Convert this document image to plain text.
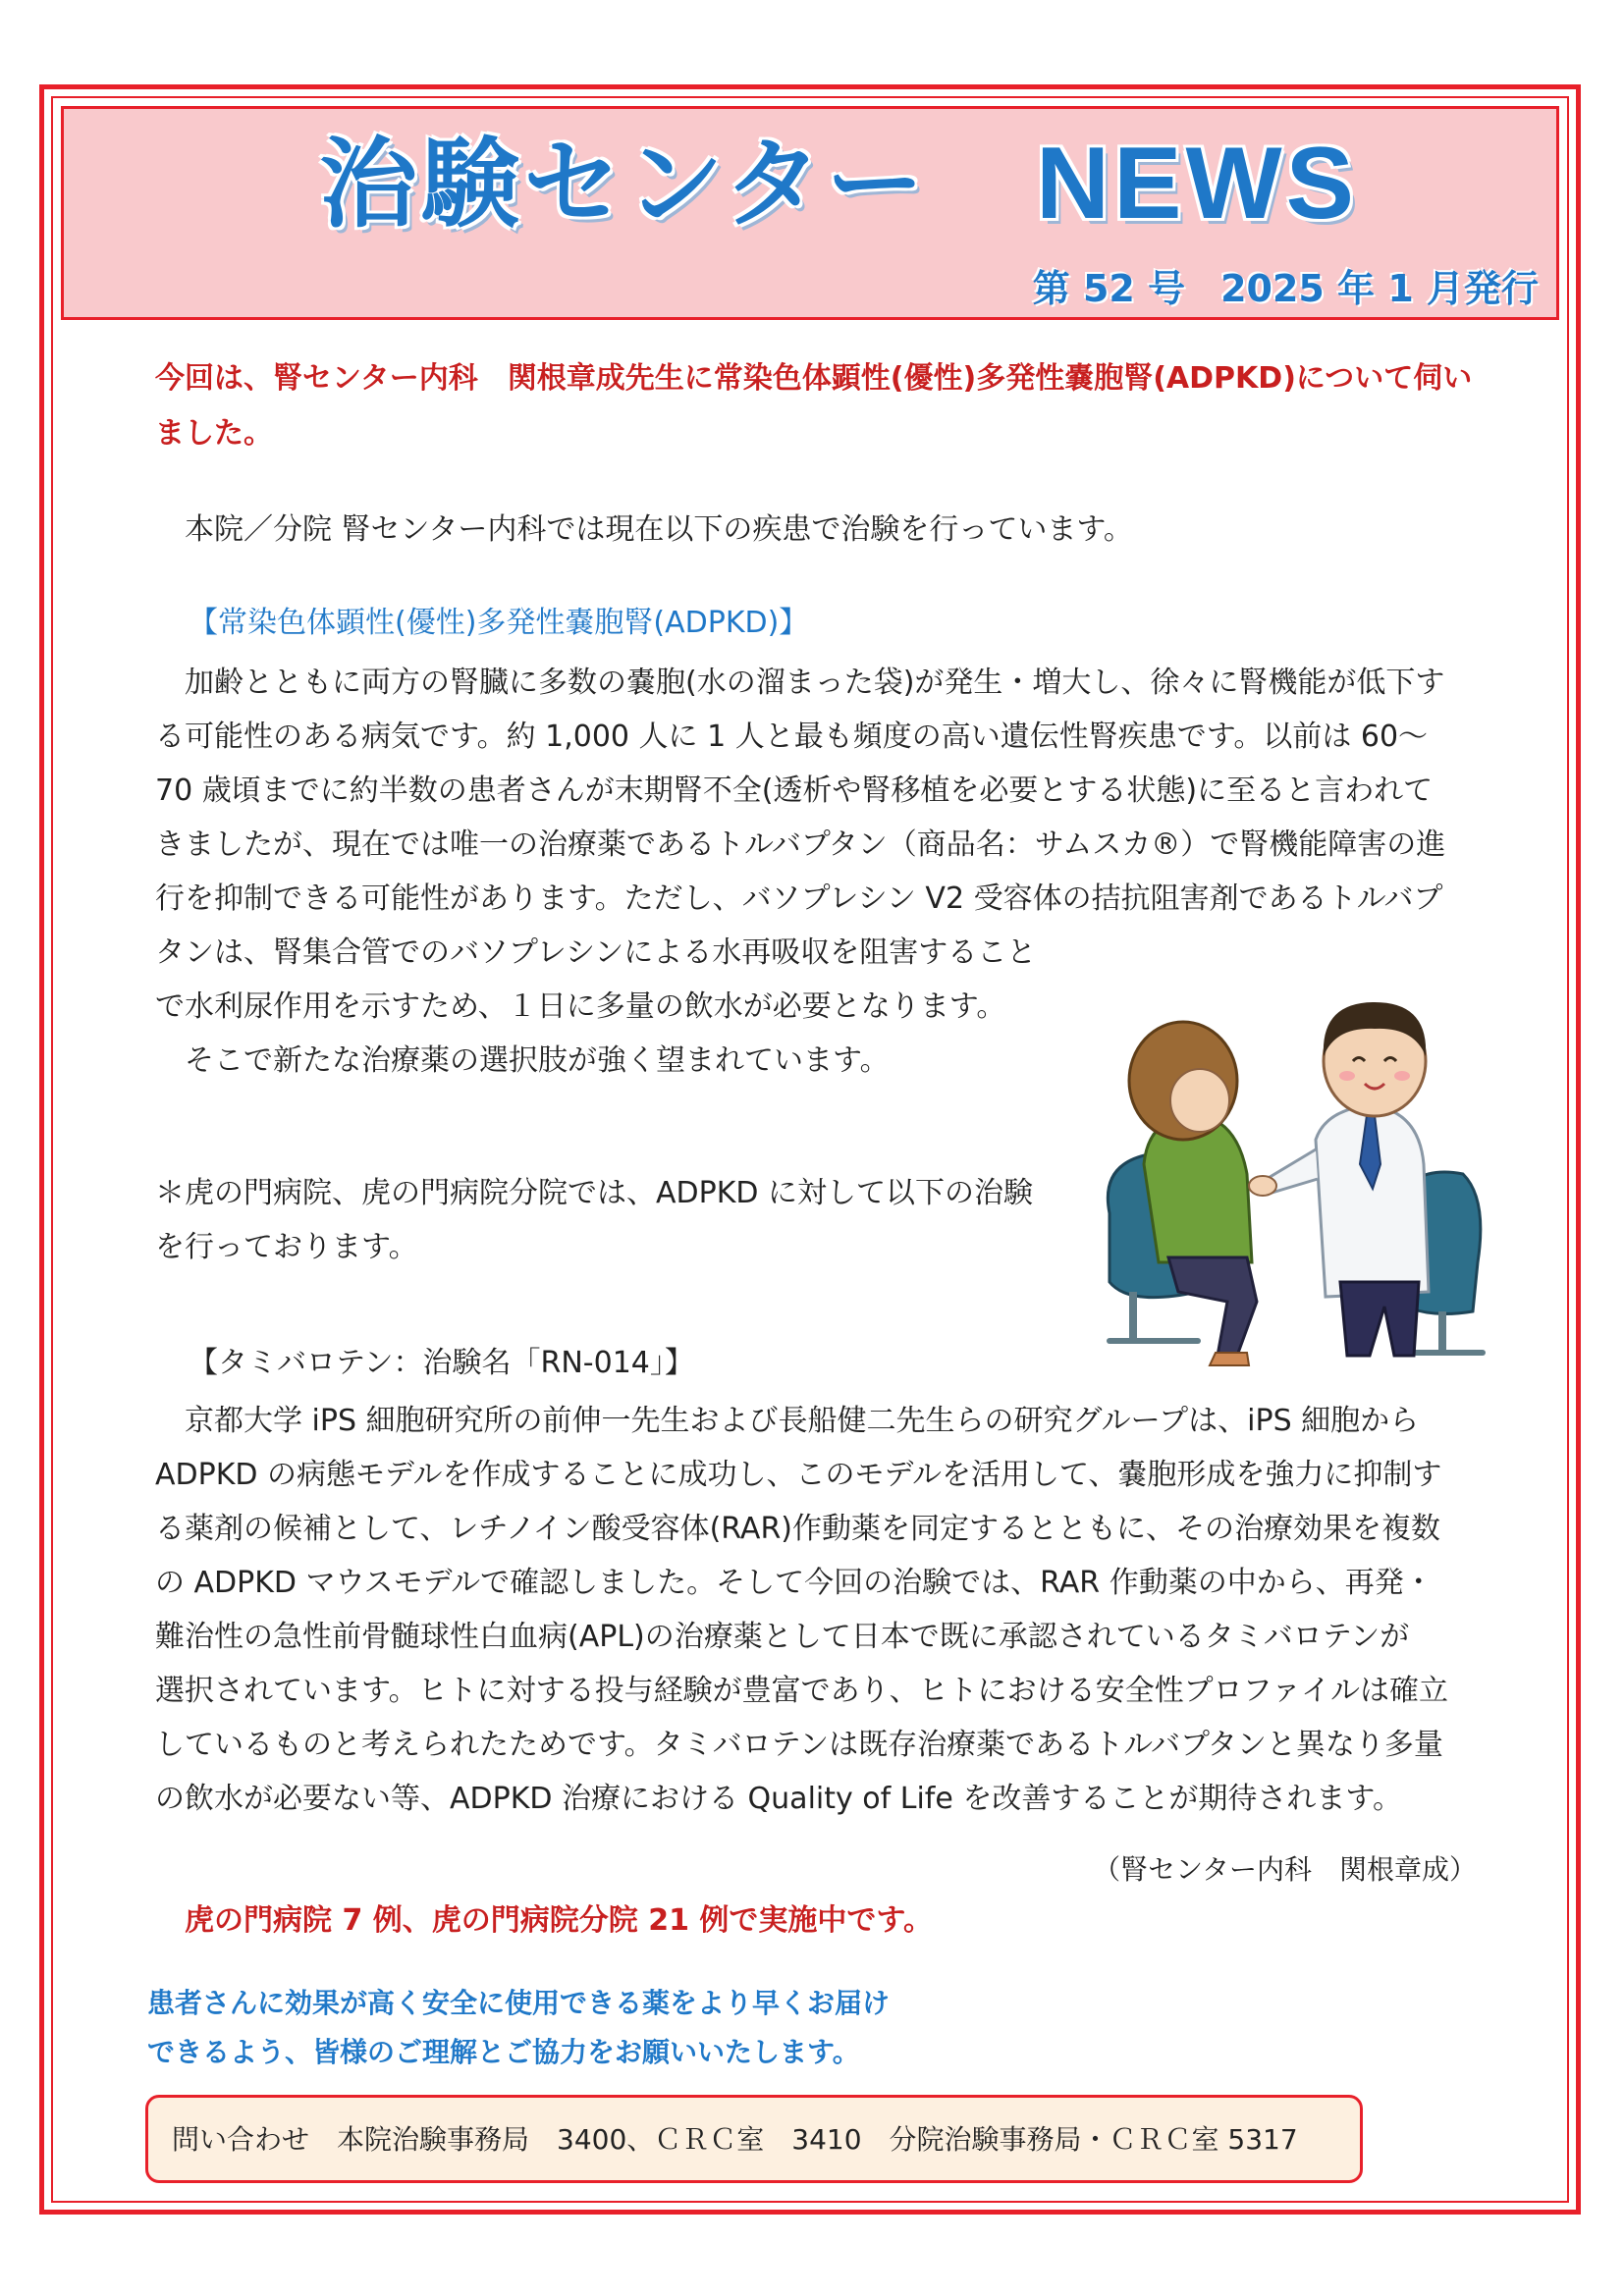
治験センター NEWS

第 52 号 2025 年 1 月発行

今回は、腎センター内科　関根章成先生に常染色体顕性(優性)多発性嚢胞腎(ADPKD)について伺い
ました。

本院／分院 腎センター内科では現在以下の疾患で治験を行っています。

【常染色体顕性(優性)多発性嚢胞腎(ADPKD)】

加齢とともに両方の腎臓に多数の嚢胞(水の溜まった袋)が発生・増大し、徐々に腎機能が低下す
る可能性のある病気です。約 1,000 人に 1 人と最も頻度の高い遺伝性腎疾患です。以前は 60～
70 歳頃までに約半数の患者さんが末期腎不全(透析や腎移植を必要とする状態)に至ると言われて
きましたが、現在では唯一の治療薬であるトルバプタン（商品名：サムスカ®）で腎機能障害の進
行を抑制できる可能性があります。ただし、バソプレシン V2 受容体の拮抗阻害剤であるトルバプ
タンは、腎集合管でのバソプレシンによる水再吸収を阻害すること
で水利尿作用を示すため、１日に多量の飲水が必要となります。
　そこで新たな治療薬の選択肢が強く望まれています。

＊虎の門病院、虎の門病院分院では、ADPKD に対して以下の治験
を行っております。

【タミバロテン：治験名「RN-014」】

京都大学 iPS 細胞研究所の前伸一先生および長船健二先生らの研究グループは、iPS 細胞から
ADPKD の病態モデルを作成することに成功し、このモデルを活用して、嚢胞形成を強力に抑制す
る薬剤の候補として、レチノイン酸受容体(RAR)作動薬を同定するとともに、その治療効果を複数
の ADPKD マウスモデルで確認しました。そして今回の治験では、RAR 作動薬の中から、再発・
難治性の急性前骨髄球性白血病(APL)の治療薬として日本で既に承認されているタミバロテンが
選択されています。ヒトに対する投与経験が豊富であり、ヒトにおける安全性プロファイルは確立
しているものと考えられたためです。タミバロテンは既存治療薬であるトルバプタンと異なり多量
の飲水が必要ない等、ADPKD 治療における Quality of Life を改善することが期待されます。

（腎センター内科　関根章成）

虎の門病院 7 例、虎の門病院分院 21 例で実施中です。

患者さんに効果が高く安全に使用できる薬をより早くお届け
できるよう、皆様のご理解とご協力をお願いいたします。

問い合わせ　本院治験事務局　3400、ＣＲＣ室　3410　分院治験事務局・ＣＲＣ室 5317
